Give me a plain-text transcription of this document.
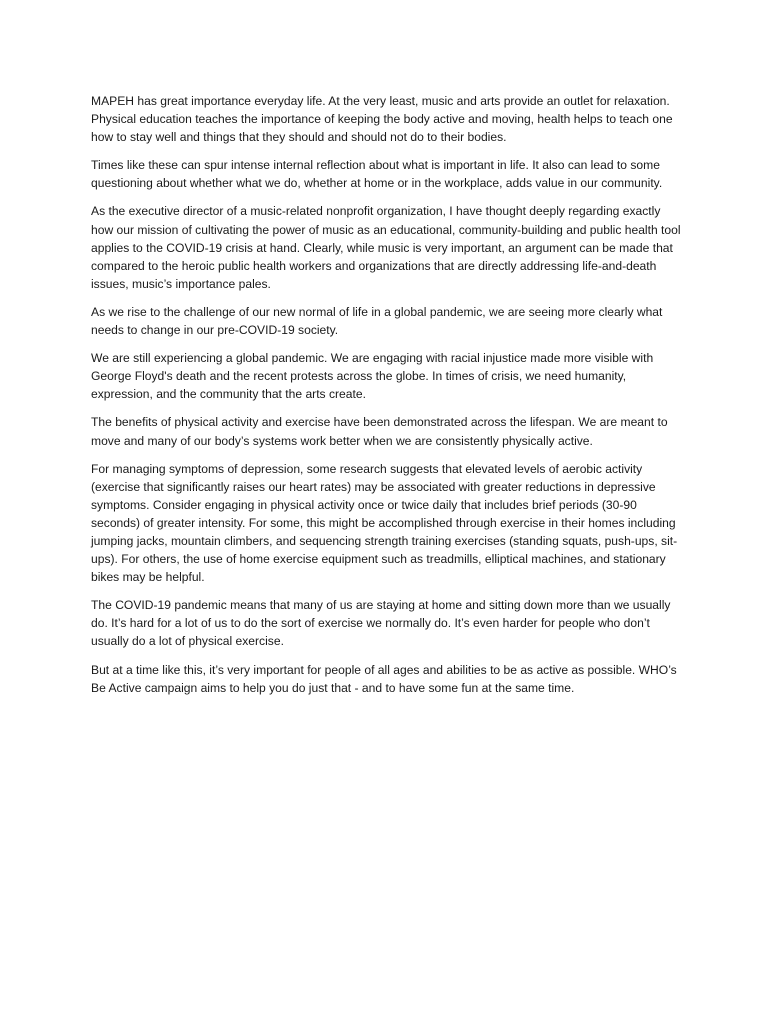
MAPEH has great importance everyday life. At the very least, music and arts provide an outlet for relaxation. Physical education teaches the importance of keeping the body active and moving, health helps to teach one how to stay well and things that they should and should not do to their bodies.

Times like these can spur intense internal reflection about what is important in life. It also can lead to some questioning about whether what we do, whether at home or in the workplace, adds value in our community.

As the executive director of a music-related nonprofit organization, I have thought deeply regarding exactly how our mission of cultivating the power of music as an educational, community-building and public health tool applies to the COVID-19 crisis at hand. Clearly, while music is very important, an argument can be made that compared to the heroic public health workers and organizations that are directly addressing life-and-death issues, music’s importance pales.

As we rise to the challenge of our new normal of life in a global pandemic, we are seeing more clearly what needs to change in our pre-COVID-19 society.

We are still experiencing a global pandemic. We are engaging with racial injustice made more visible with George Floyd's death and the recent protests across the globe. In times of crisis, we need humanity, expression, and the community that the arts create.

The benefits of physical activity and exercise have been demonstrated across the lifespan. We are meant to move and many of our body’s systems work better when we are consistently physically active.

For managing symptoms of depression, some research suggests that elevated levels of aerobic activity (exercise that significantly raises our heart rates) may be associated with greater reductions in depressive symptoms. Consider engaging in physical activity once or twice daily that includes brief periods (30-90 seconds) of greater intensity. For some, this might be accomplished through exercise in their homes including jumping jacks, mountain climbers, and sequencing strength training exercises (standing squats, push-ups, sit-ups). For others, the use of home exercise equipment such as treadmills, elliptical machines, and stationary bikes may be helpful.

The COVID-19 pandemic means that many of us are staying at home and sitting down more than we usually do. It’s hard for a lot of us to do the sort of exercise we normally do. It’s even harder for people who don’t usually do a lot of physical exercise.

But at a time like this, it’s very important for people of all ages and abilities to be as active as possible. WHO’s Be Active campaign aims to help you do just that - and to have some fun at the same time.
